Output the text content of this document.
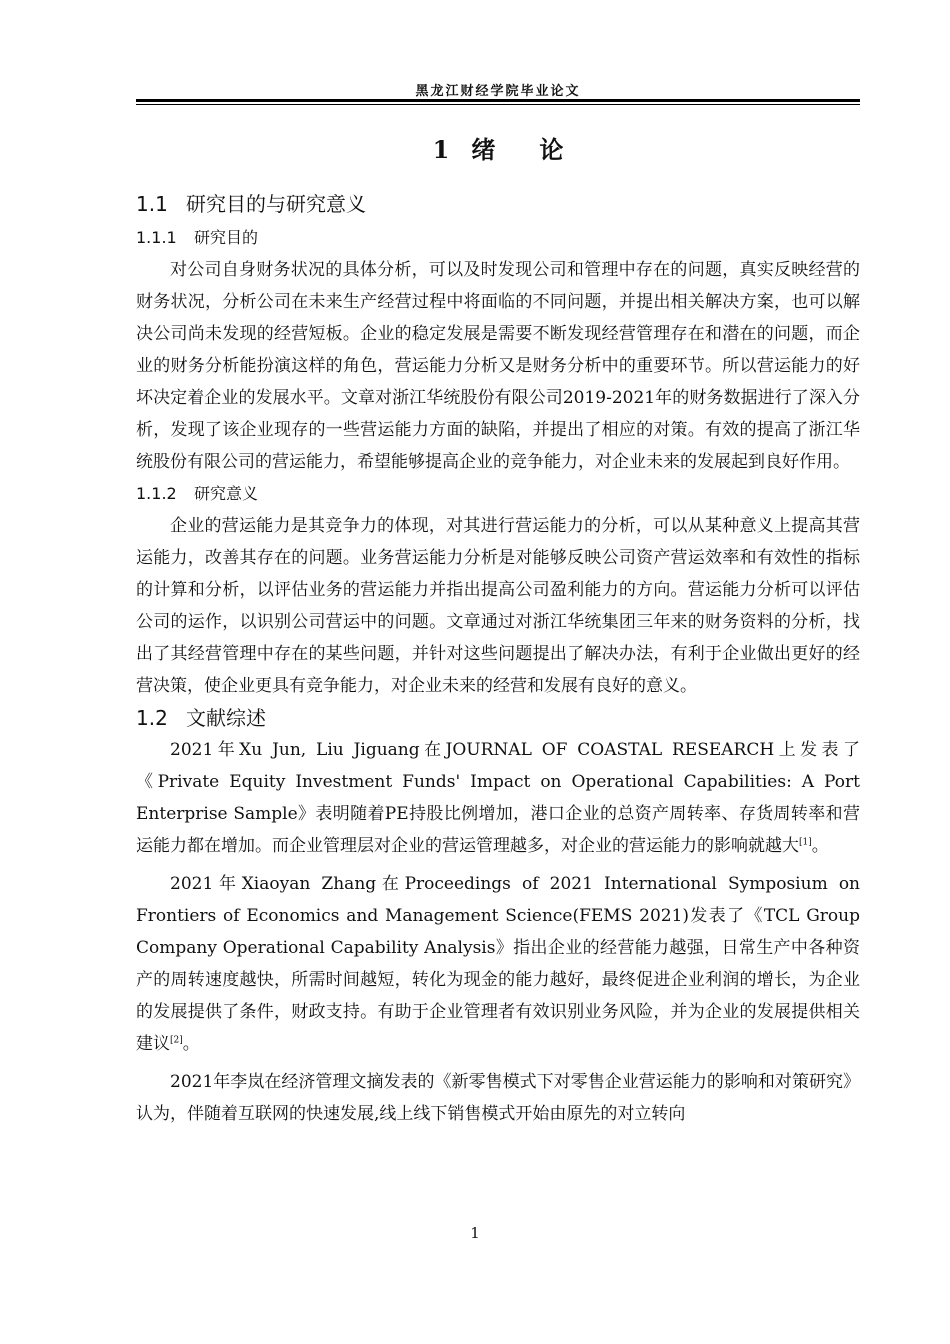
黑龙江财经学院毕业论文
1 绪论
1.1 研究目的与研究意义
1.1.1 研究目的

对公司自身财务状况的具体分析，可以及时发现公司和管理中存在的问题，真实反映经营的财务状况，分析公司在未来生产经营过程中将面临的不同问题，并提出相关解决方案，也可以解决公司尚未发现的经营短板。企业的稳定发展是需要不断发现经营管理存在和潜在的问题，而企业的财务分析能扮演这样的角色，营运能力分析又是财务分析中的重要环节。所以营运能力的好坏决定着企业的发展水平。文章对浙江华统股份有限公司2019-2021年的财务数据进行了深入分析，发现了该企业现存的一些营运能力方面的缺陷，并提出了相应的对策。有效的提高了浙江华统股份有限公司的营运能力，希望能够提高企业的竞争能力，对企业未来的发展起到良好作用。

1.1.2 研究意义

企业的营运能力是其竞争力的体现，对其进行营运能力的分析，可以从某种意义上提高其营运能力，改善其存在的问题。业务营运能力分析是对能够反映公司资产营运效率和有效性的指标的计算和分析，以评估业务的营运能力并指出提高公司盈利能力的方向。营运能力分析可以评估公司的运作，以识别公司营运中的问题。文章通过对浙江华统集团三年来的财务资料的分析，找出了其经营管理中存在的某些问题，并针对这些问题提出了解决办法，有利于企业做出更好的经营决策，使企业更具有竞争能力，对企业未来的经营和发展有良好的意义。

1.2 文献综述

2021年Xu Jun, Liu Jiguang在JOURNAL OF COASTAL RESEARCH上发表了《Private Equity Investment Funds' Impact on Operational Capabilities: A Port Enterprise Sample》表明随着PE持股比例增加，港口企业的总资产周转率、存货周转率和营运能力都在增加。而企业管理层对企业的营运管理越多，对企业的营运能力的影响就越大[1]。

2021年Xiaoyan Zhang在Proceedings of 2021 International Symposium on Frontiers of Economics and Management Science(FEMS 2021)发表了《TCL Group Company Operational Capability Analysis》指出企业的经营能力越强，日常生产中各种资产的周转速度越快，所需时间越短，转化为现金的能力越好，最终促进企业利润的增长，为企业的发展提供了条件，财政支持。有助于企业管理者有效识别业务风险，并为企业的发展提供相关建议[2]。

2021年李岚在经济管理文摘发表的《新零售模式下对零售企业营运能力的影响和对策研究》认为，伴随着互联网的快速发展,线上线下销售模式开始由原先的对立转向

1
